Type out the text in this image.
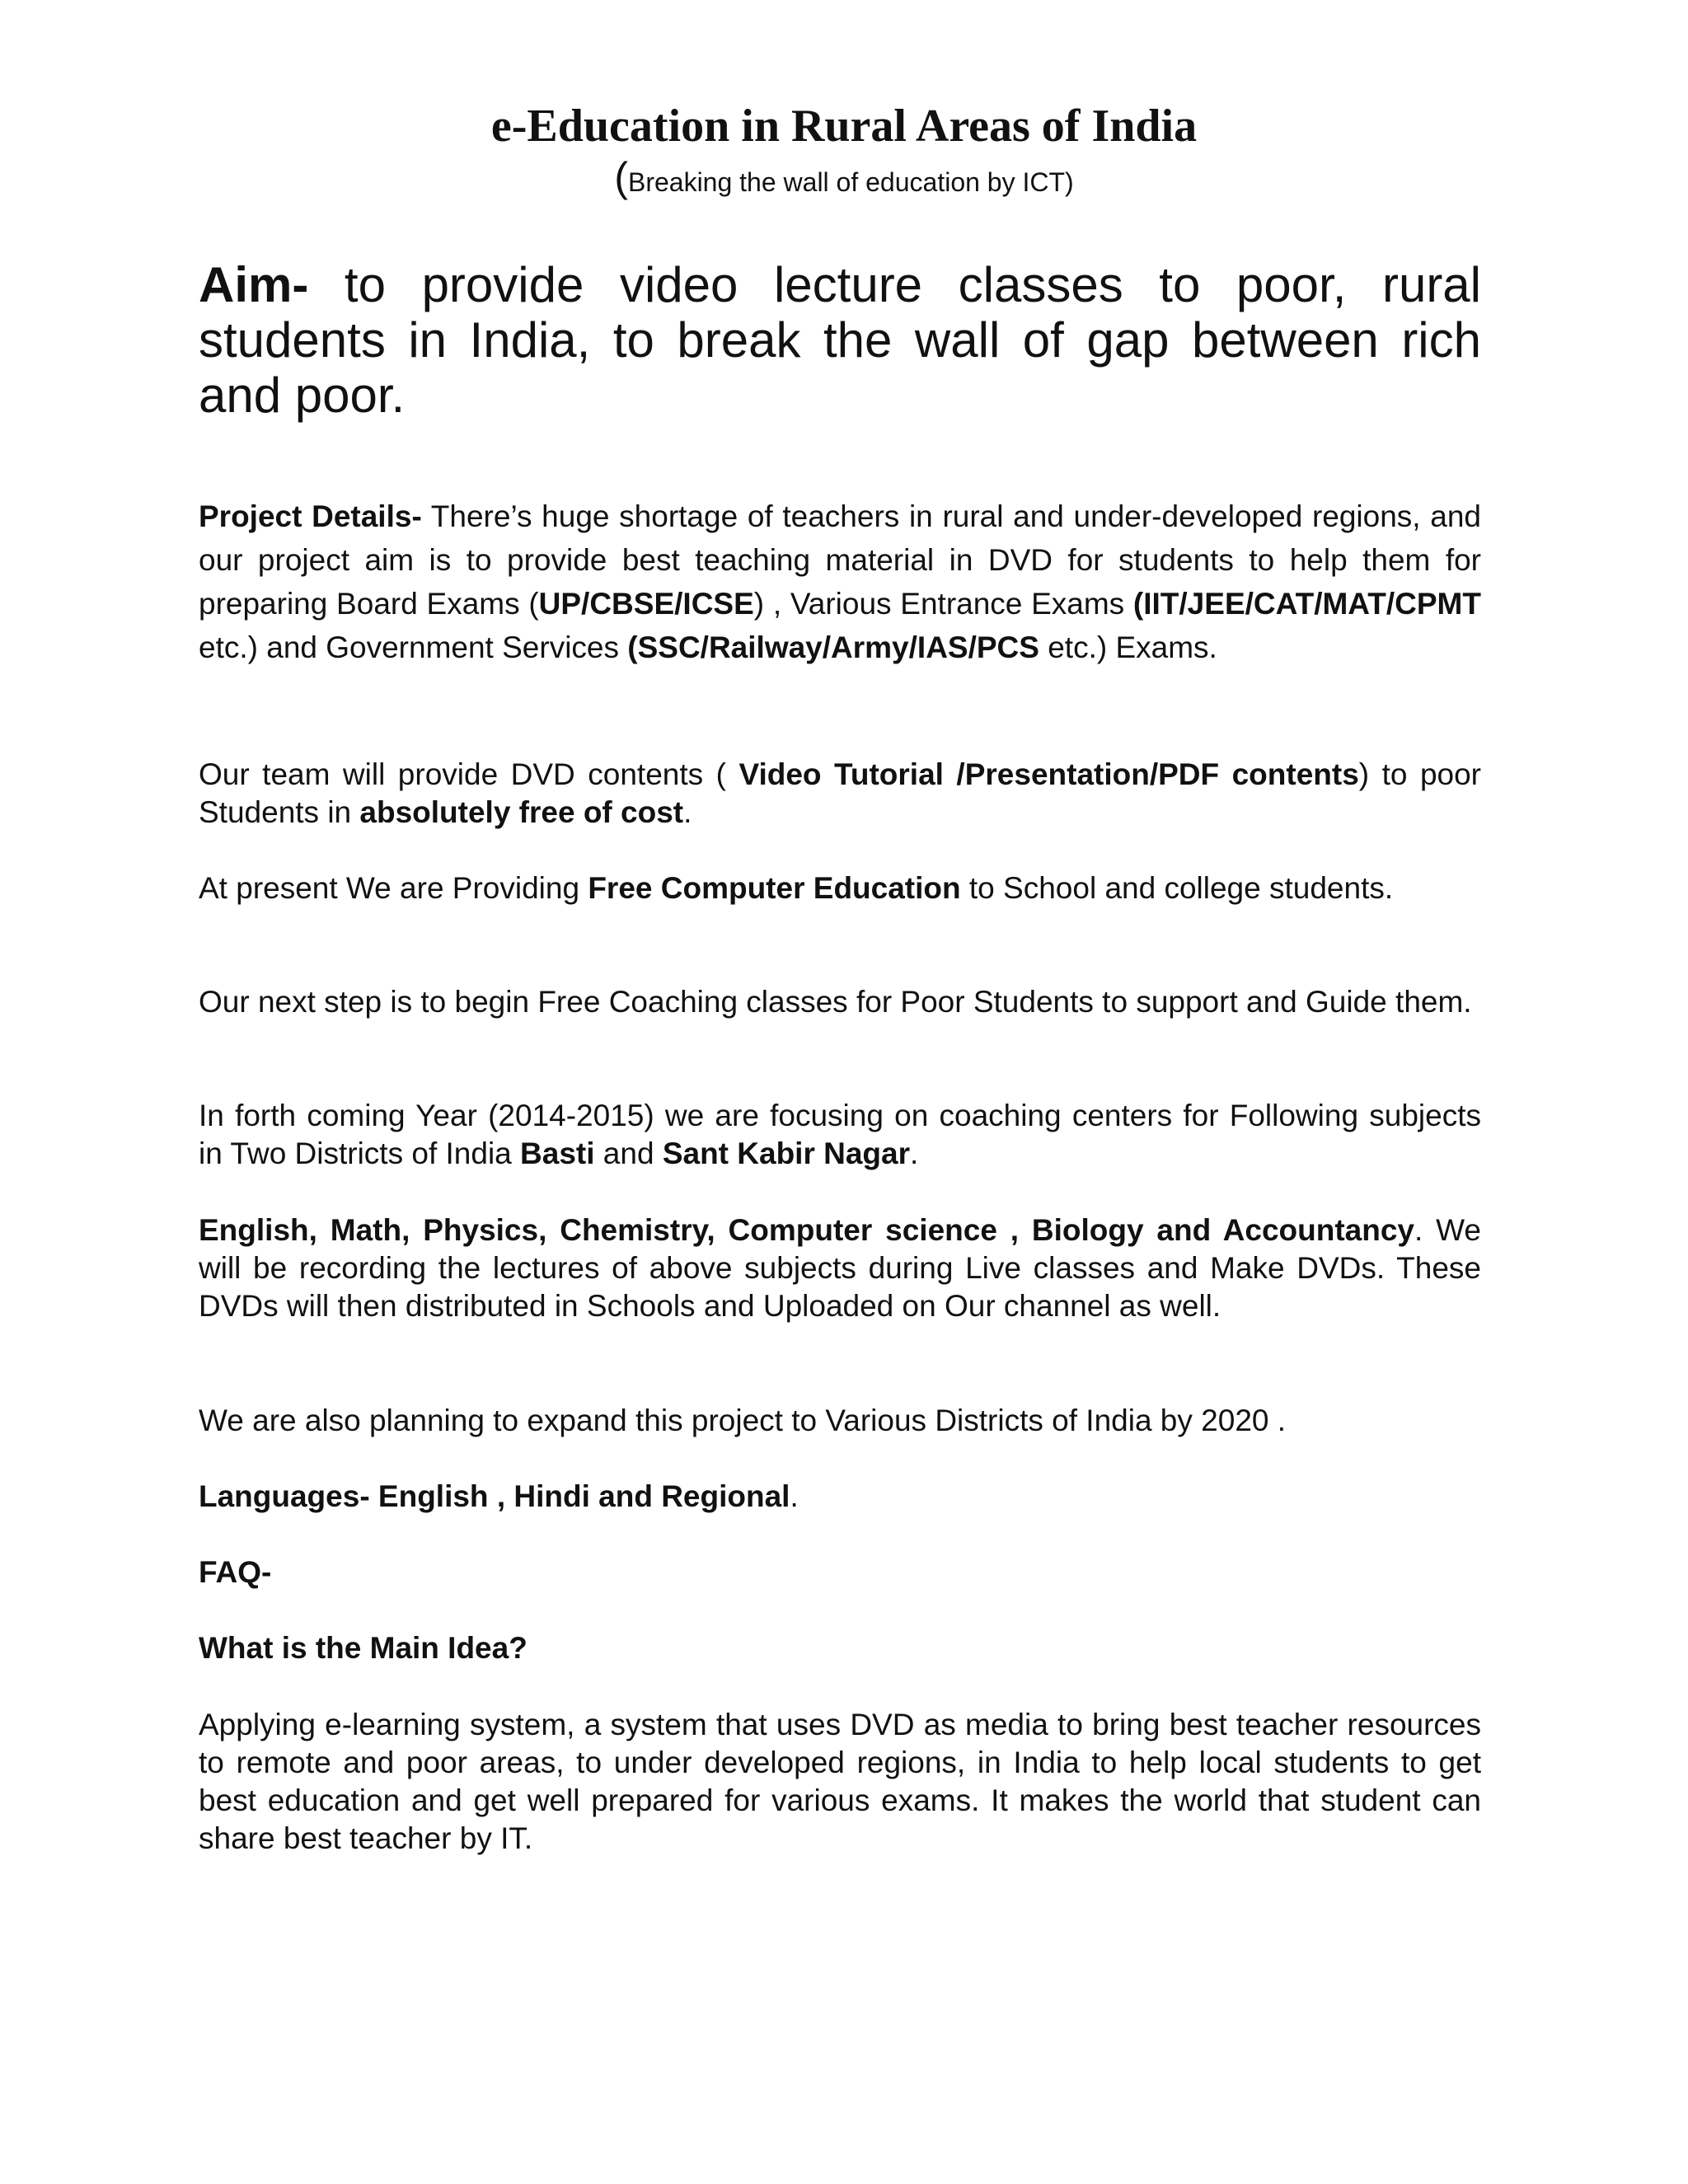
e-Education in Rural Areas of India

(Breaking the wall of education by ICT)

Aim- to provide video lecture classes to poor, rural students in India, to break the wall of gap between rich and poor.

Project Details- There’s huge shortage of teachers in rural and under-developed regions, and our project aim is to provide best teaching material in DVD for students to help them for preparing Board Exams (UP/CBSE/ICSE) , Various Entrance Exams (IIT/JEE/CAT/MAT/CPMT etc.) and Government Services (SSC/Railway/Army/IAS/PCS etc.) Exams.

Our team will provide DVD contents ( Video Tutorial /Presentation/PDF contents) to poor Students in absolutely free of cost.

At present We are Providing Free Computer Education to School and college students.

Our next step is to begin Free Coaching classes for Poor Students to support and Guide them.

In forth coming Year (2014-2015) we are focusing on coaching centers for Following subjects in Two Districts of India Basti and Sant Kabir Nagar.

English, Math, Physics, Chemistry, Computer science , Biology and Accountancy. We will be recording the lectures of above subjects during Live classes and Make DVDs. These DVDs will then distributed in Schools and Uploaded on Our channel as well.

We are also planning to expand this project to Various Districts of India by 2020 .

Languages- English , Hindi and Regional.

FAQ-

What is the Main Idea?

Applying e-learning system, a system that uses DVD as media to bring best teacher resources to remote and poor areas, to under developed regions, in India to help local students to get best education and get well prepared for various exams. It makes the world that student can share best teacher by IT.
